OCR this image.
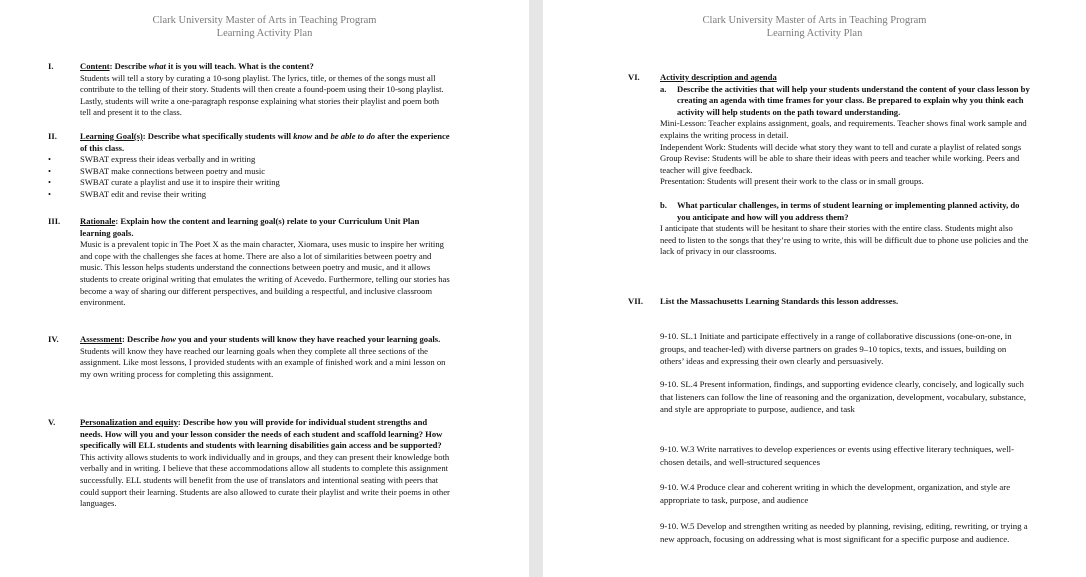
Clark University Master of Arts in Teaching Program
Learning Activity Plan
I.	Content: Describe what it is you will teach. What is the content?

Students will tell a story by curating a 10-song playlist. The lyrics, title, or themes of the songs must all contribute to the telling of their story. Students will then create a found-poem using their 10-song playlist. Lastly, students will write a one-paragraph response explaining what stories their playlist and poem both tell and present it to the class.

II.	Learning Goal(s): Describe what specifically students will know and be able to do after the experience of this class.
•	SWBAT express their ideas verbally and in writing
•	SWBAT make connections between poetry and music
•	SWBAT curate a playlist and use it to inspire their writing
•	SWBAT edit and revise their writing
III. Rationale: Explain how the content and learning goal(s) relate to your Curriculum Unit Plan learning goals.

Music is a prevalent topic in The Poet X as the main character, Xiomara, uses music to inspire her writing and cope with the challenges she faces at home. There are also a lot of similarities between poetry and music. This lesson helps students understand the connections between poetry and music, and it allows students to create original writing that emulates the writing of Acevedo. Furthermore, telling our stories has become a way of sharing our different perspectives, and building a respectful, and inclusive classroom environment.

IV. Assessment: Describe how you and your students will know they have reached your learning goals.

Students will know they have reached our learning goals when they complete all three sections of the assignment. Like most lessons, I provided students with an example of finished work and a mini lesson on my own writing process for completing this assignment.

V.	Personalization and equity: Describe how you will provide for individual student strengths and needs. How will you and your lesson consider the needs of each student and scaffold learning? How specifically will ELL students and students with learning disabilities gain access and be supported?

This activity allows students to work individually and in groups, and they can present their knowledge both verbally and in writing. I believe that these accommodations allow all students to complete this assignment successfully. ELL students will benefit from the use of translators and intentional seating with peers that could support their learning. Students are also allowed to curate their playlist and write their poems in other languages.

Clark University Master of Arts in Teaching Program
Learning Activity Plan
VI. Activity description and agenda
a. Describe the activities that will help your students understand the content of your class lesson by creating an agenda with time frames for your class. Be prepared to explain why you think each activity will help students on the path toward understanding.

Mini-Lesson: Teacher explains assignment, goals, and requirements. Teacher shows final work sample and explains the writing process in detail.

Independent Work: Students will decide what story they want to tell and curate a playlist of related songs

Group Revise: Students will be able to share their ideas with peers and teacher while working. Peers and teacher will give feedback.

Presentation: Students will present their work to the class or in small groups.

b. What particular challenges, in terms of student learning or implementing planned activity, do you anticipate and how will you address them?

I anticipate that students will be hesitant to share their stories with the entire class. Students might also need to listen to the songs that they’re using to write, this will be difficult due to phone use policies and the lack of privacy in our classrooms.

VII. List the Massachusetts Learning Standards this lesson addresses.
9-10. SL.1 Initiate and participate effectively in a range of collaborative discussions (one-on-one, in groups, and teacher-led) with diverse partners on grades 9–10 topics, texts, and issues, building on others’ ideas and expressing their own clearly and persuasively.
9-10. SL.4 Present information, findings, and supporting evidence clearly, concisely, and logically such that listeners can follow the line of reasoning and the organization, development, vocabulary, substance, and style are appropriate to purpose, audience, and task
9-10. W.3 Write narratives to develop experiences or events using effective literary techniques, well-chosen details, and well-structured sequences
9-10. W.4 Produce clear and coherent writing in which the development, organization, and style are appropriate to task, purpose, and audience
9-10. W.5 Develop and strengthen writing as needed by planning, revising, editing, rewriting, or trying a new approach, focusing on addressing what is most significant for a specific purpose and audience.
